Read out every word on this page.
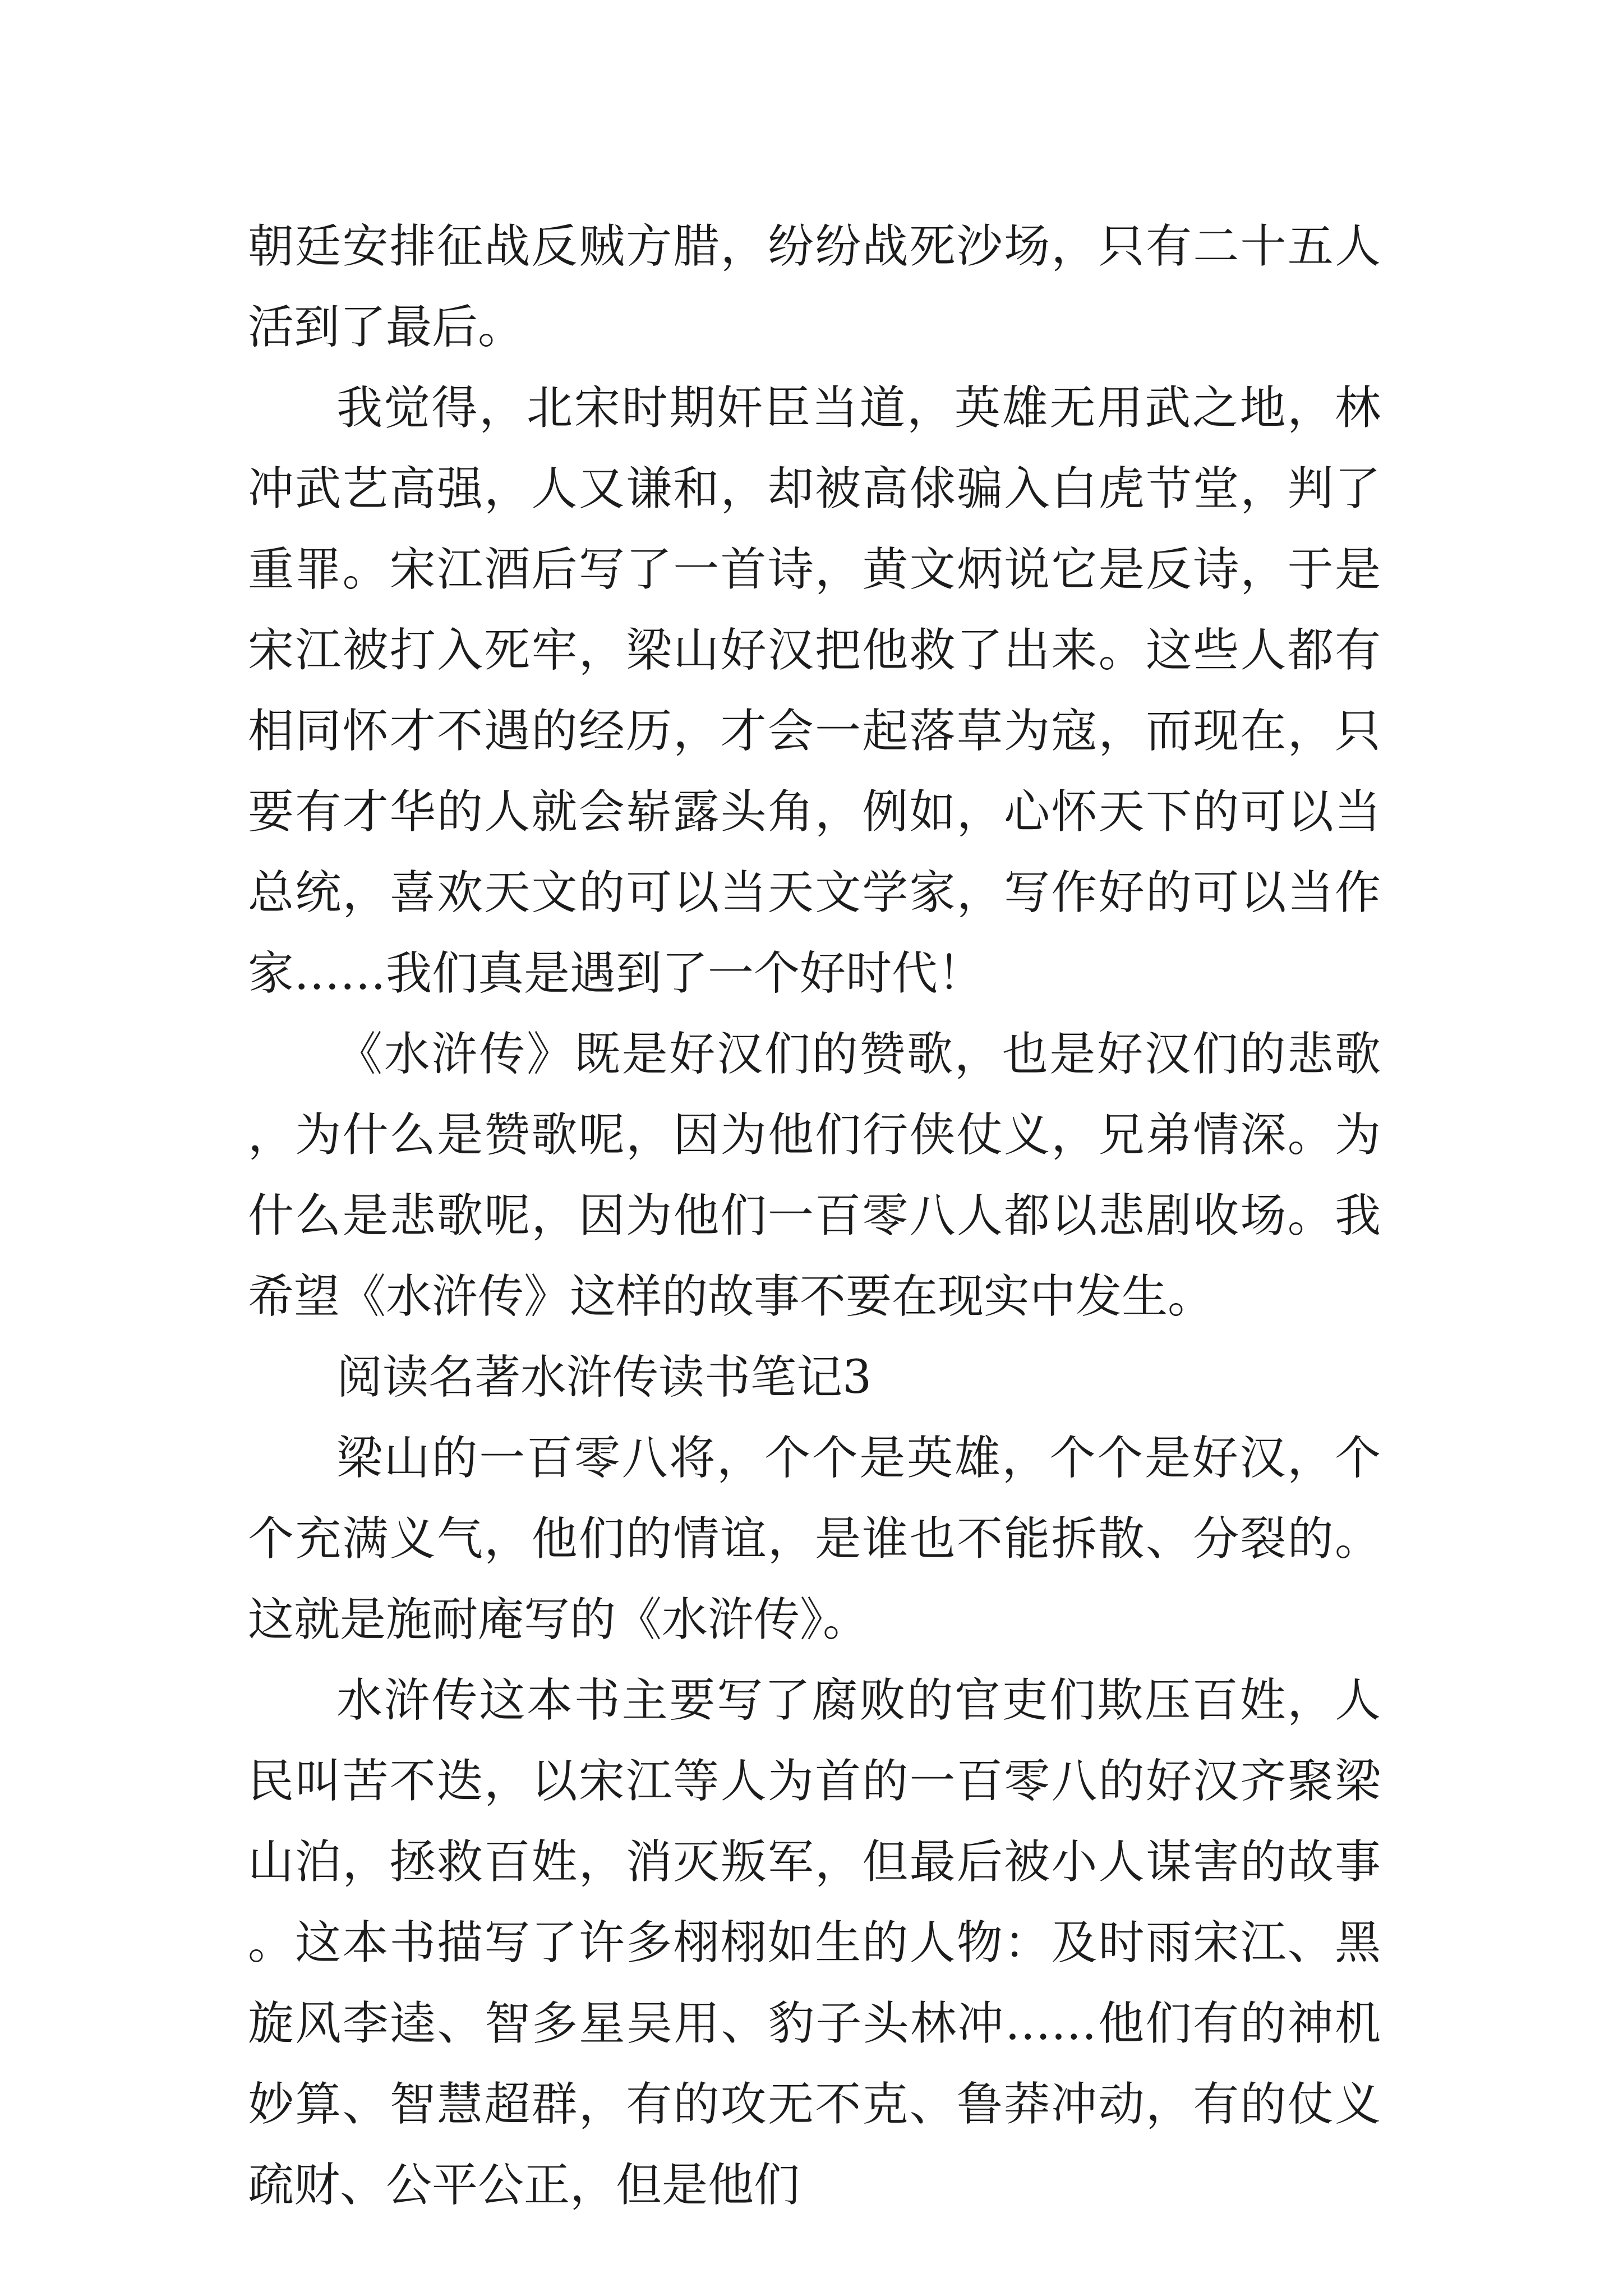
朝廷安排征战反贼方腊，纷纷战死沙场，只有二十五人活到了最后。

我觉得，北宋时期奸臣当道，英雄无用武之地，林冲武艺高强，人又谦和，却被高俅骗入白虎节堂，判了重罪。宋江酒后写了一首诗，黄文炳说它是反诗，于是宋江被打入死牢，梁山好汉把他救了出来。这些人都有相同怀才不遇的经历，才会一起落草为寇，而现在，只要有才华的人就会崭露头角，例如，心怀天下的可以当总统，喜欢天文的可以当天文学家，写作好的可以当作家……我们真是遇到了一个好时代！

《水浒传》既是好汉们的赞歌，也是好汉们的悲歌，为什么是赞歌呢，因为他们行侠仗义，兄弟情深。为什么是悲歌呢，因为他们一百零八人都以悲剧收场。我希望《水浒传》这样的故事不要在现实中发生。

阅读名著水浒传读书笔记3

梁山的一百零八将，个个是英雄，个个是好汉，个个充满义气，他们的情谊，是谁也不能拆散、分裂的。这就是施耐庵写的《水浒传》。

水浒传这本书主要写了腐败的官吏们欺压百姓，人民叫苦不迭，以宋江等人为首的一百零八的好汉齐聚梁山泊，拯救百姓，消灭叛军，但最后被小人谋害的故事。这本书描写了许多栩栩如生的人物：及时雨宋江、黑旋风李逵、智多星吴用、豹子头林冲……他们有的神机妙算、智慧超群，有的攻无不克、鲁莽冲动，有的仗义疏财、公平公正，但是他们
